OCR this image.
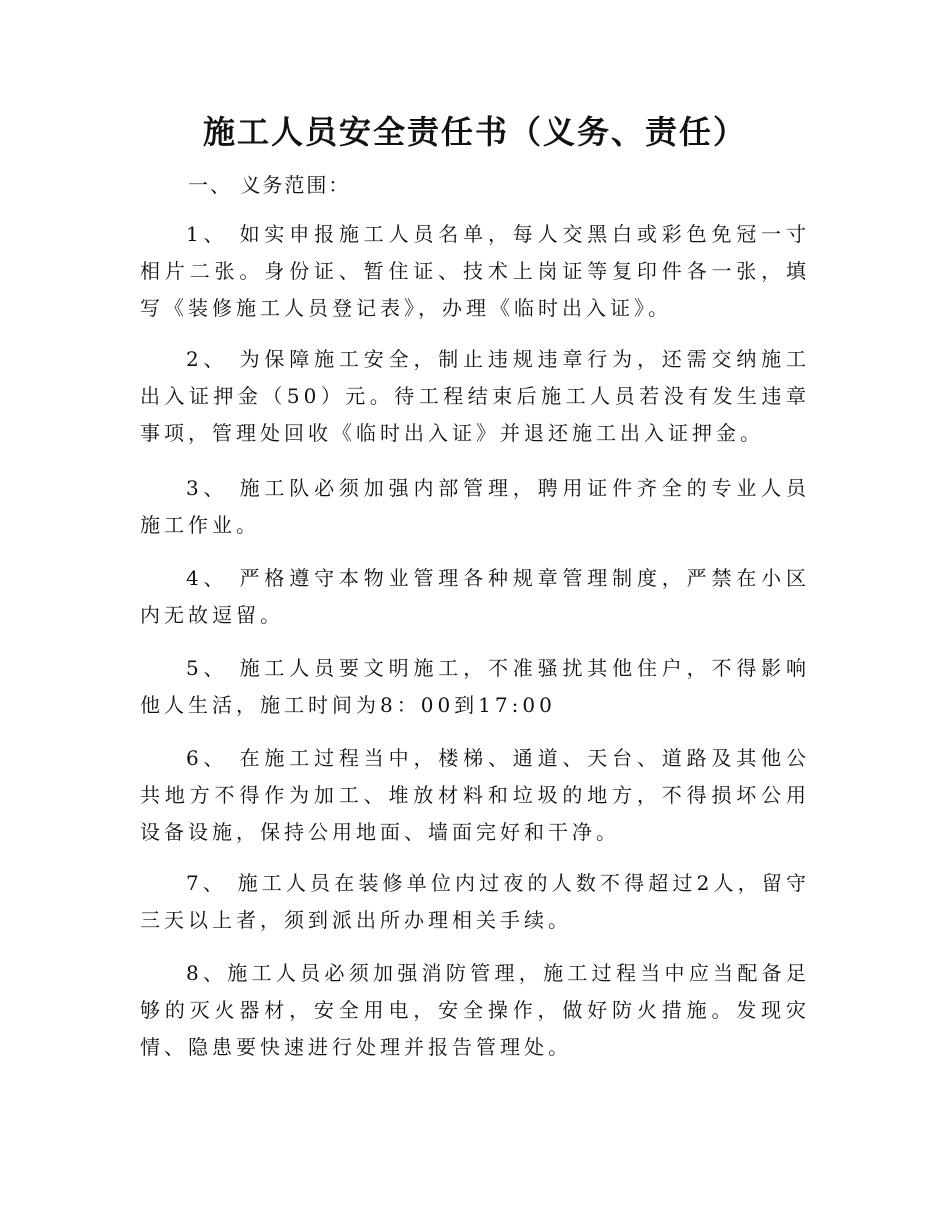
施工人员安全责任书（义务、责任）

一、 义务范围：

1、 如实申报施工人员名单，每人交黑白或彩色免冠一寸相片二张。身份证、暂住证、技术上岗证等复印件各一张，填写《装修施工人员登记表》，办理《临时出入证》。

2、 为保障施工安全，制止违规违章行为，还需交纳施工出入证押金（50）元。待工程结束后施工人员若没有发生违章事项，管理处回收《临时出入证》并退还施工出入证押金。

3、 施工队必须加强内部管理，聘用证件齐全的专业人员施工作业。

4、 严格遵守本物业管理各种规章管理制度，严禁在小区内无故逗留。

5、 施工人员要文明施工，不准骚扰其他住户，不得影响他人生活，施工时间为8：00到17:00

6、 在施工过程当中，楼梯、通道、天台、道路及其他公共地方不得作为加工、堆放材料和垃圾的地方，不得损坏公用设备设施，保持公用地面、墙面完好和干净。

7、 施工人员在装修单位内过夜的人数不得超过2人，留守三天以上者，须到派出所办理相关手续。

8、施工人员必须加强消防管理，施工过程当中应当配备足够的灭火器材，安全用电，安全操作，做好防火措施。发现灾情、隐患要快速进行处理并报告管理处。
